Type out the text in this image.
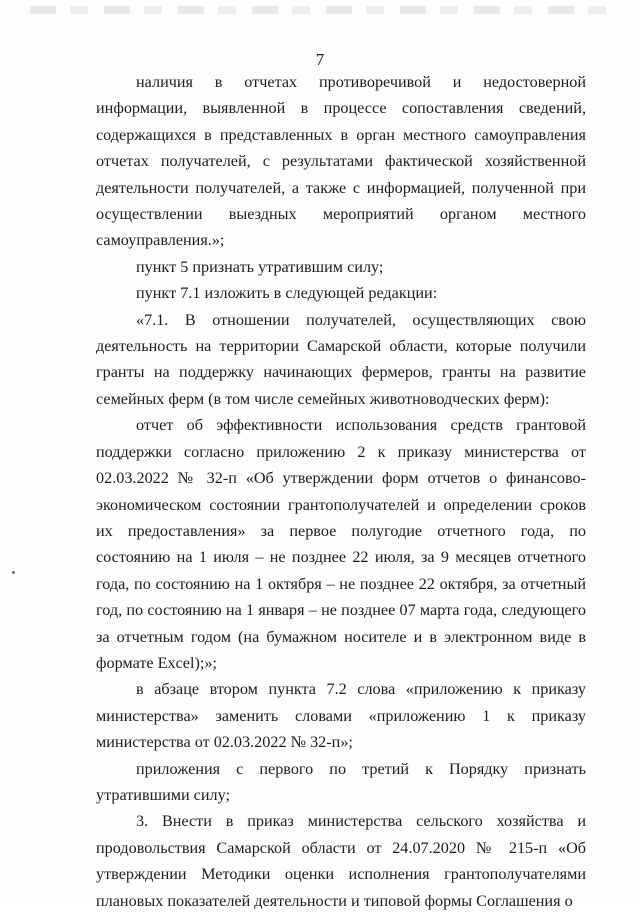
7

наличия в отчетах противоречивой и недостоверной информации, выявленной в процессе сопоставления сведений, содержащихся в представленных в орган местного самоуправления отчетах получателей, с результатами фактической хозяйственной деятельности получателей, а также с информацией, полученной при осуществлении выездных мероприятий органом местного самоуправления.»;

пункт 5 признать утратившим силу;

пункт 7.1 изложить в следующей редакции:

«7.1. В отношении получателей, осуществляющих свою деятельность на территории Самарской области, которые получили гранты на поддержку начинающих фермеров, гранты на развитие семейных ферм (в том числе семейных животноводческих ферм):

отчет об эффективности использования средств грантовой поддержки согласно приложению 2 к приказу министерства от 02.03.2022 № 32-п «Об утверждении форм отчетов о финансово-экономическом состоянии грантополучателей и определении сроков их предоставления» за первое полугодие отчетного года, по состоянию на 1 июля – не позднее 22 июля, за 9 месяцев отчетного года, по состоянию на 1 октября – не позднее 22 октября, за отчетный год, по состоянию на 1 января – не позднее 07 марта года, следующего за отчетным годом (на бумажном носителе и в электронном виде в формате Excel);»;

в абзаце втором пункта 7.2 слова «приложению к приказу министерства» заменить словами «приложению 1 к приказу министерства от 02.03.2022 № 32-п»;

приложения с первого по третий к Порядку признать утратившими силу;

3. Внести в приказ министерства сельского хозяйства и продовольствия Самарской области от 24.07.2020 № 215-п «Об утверждении Методики оценки исполнения грантополучателями плановых показателей деятельности и типовой формы Соглашения о
